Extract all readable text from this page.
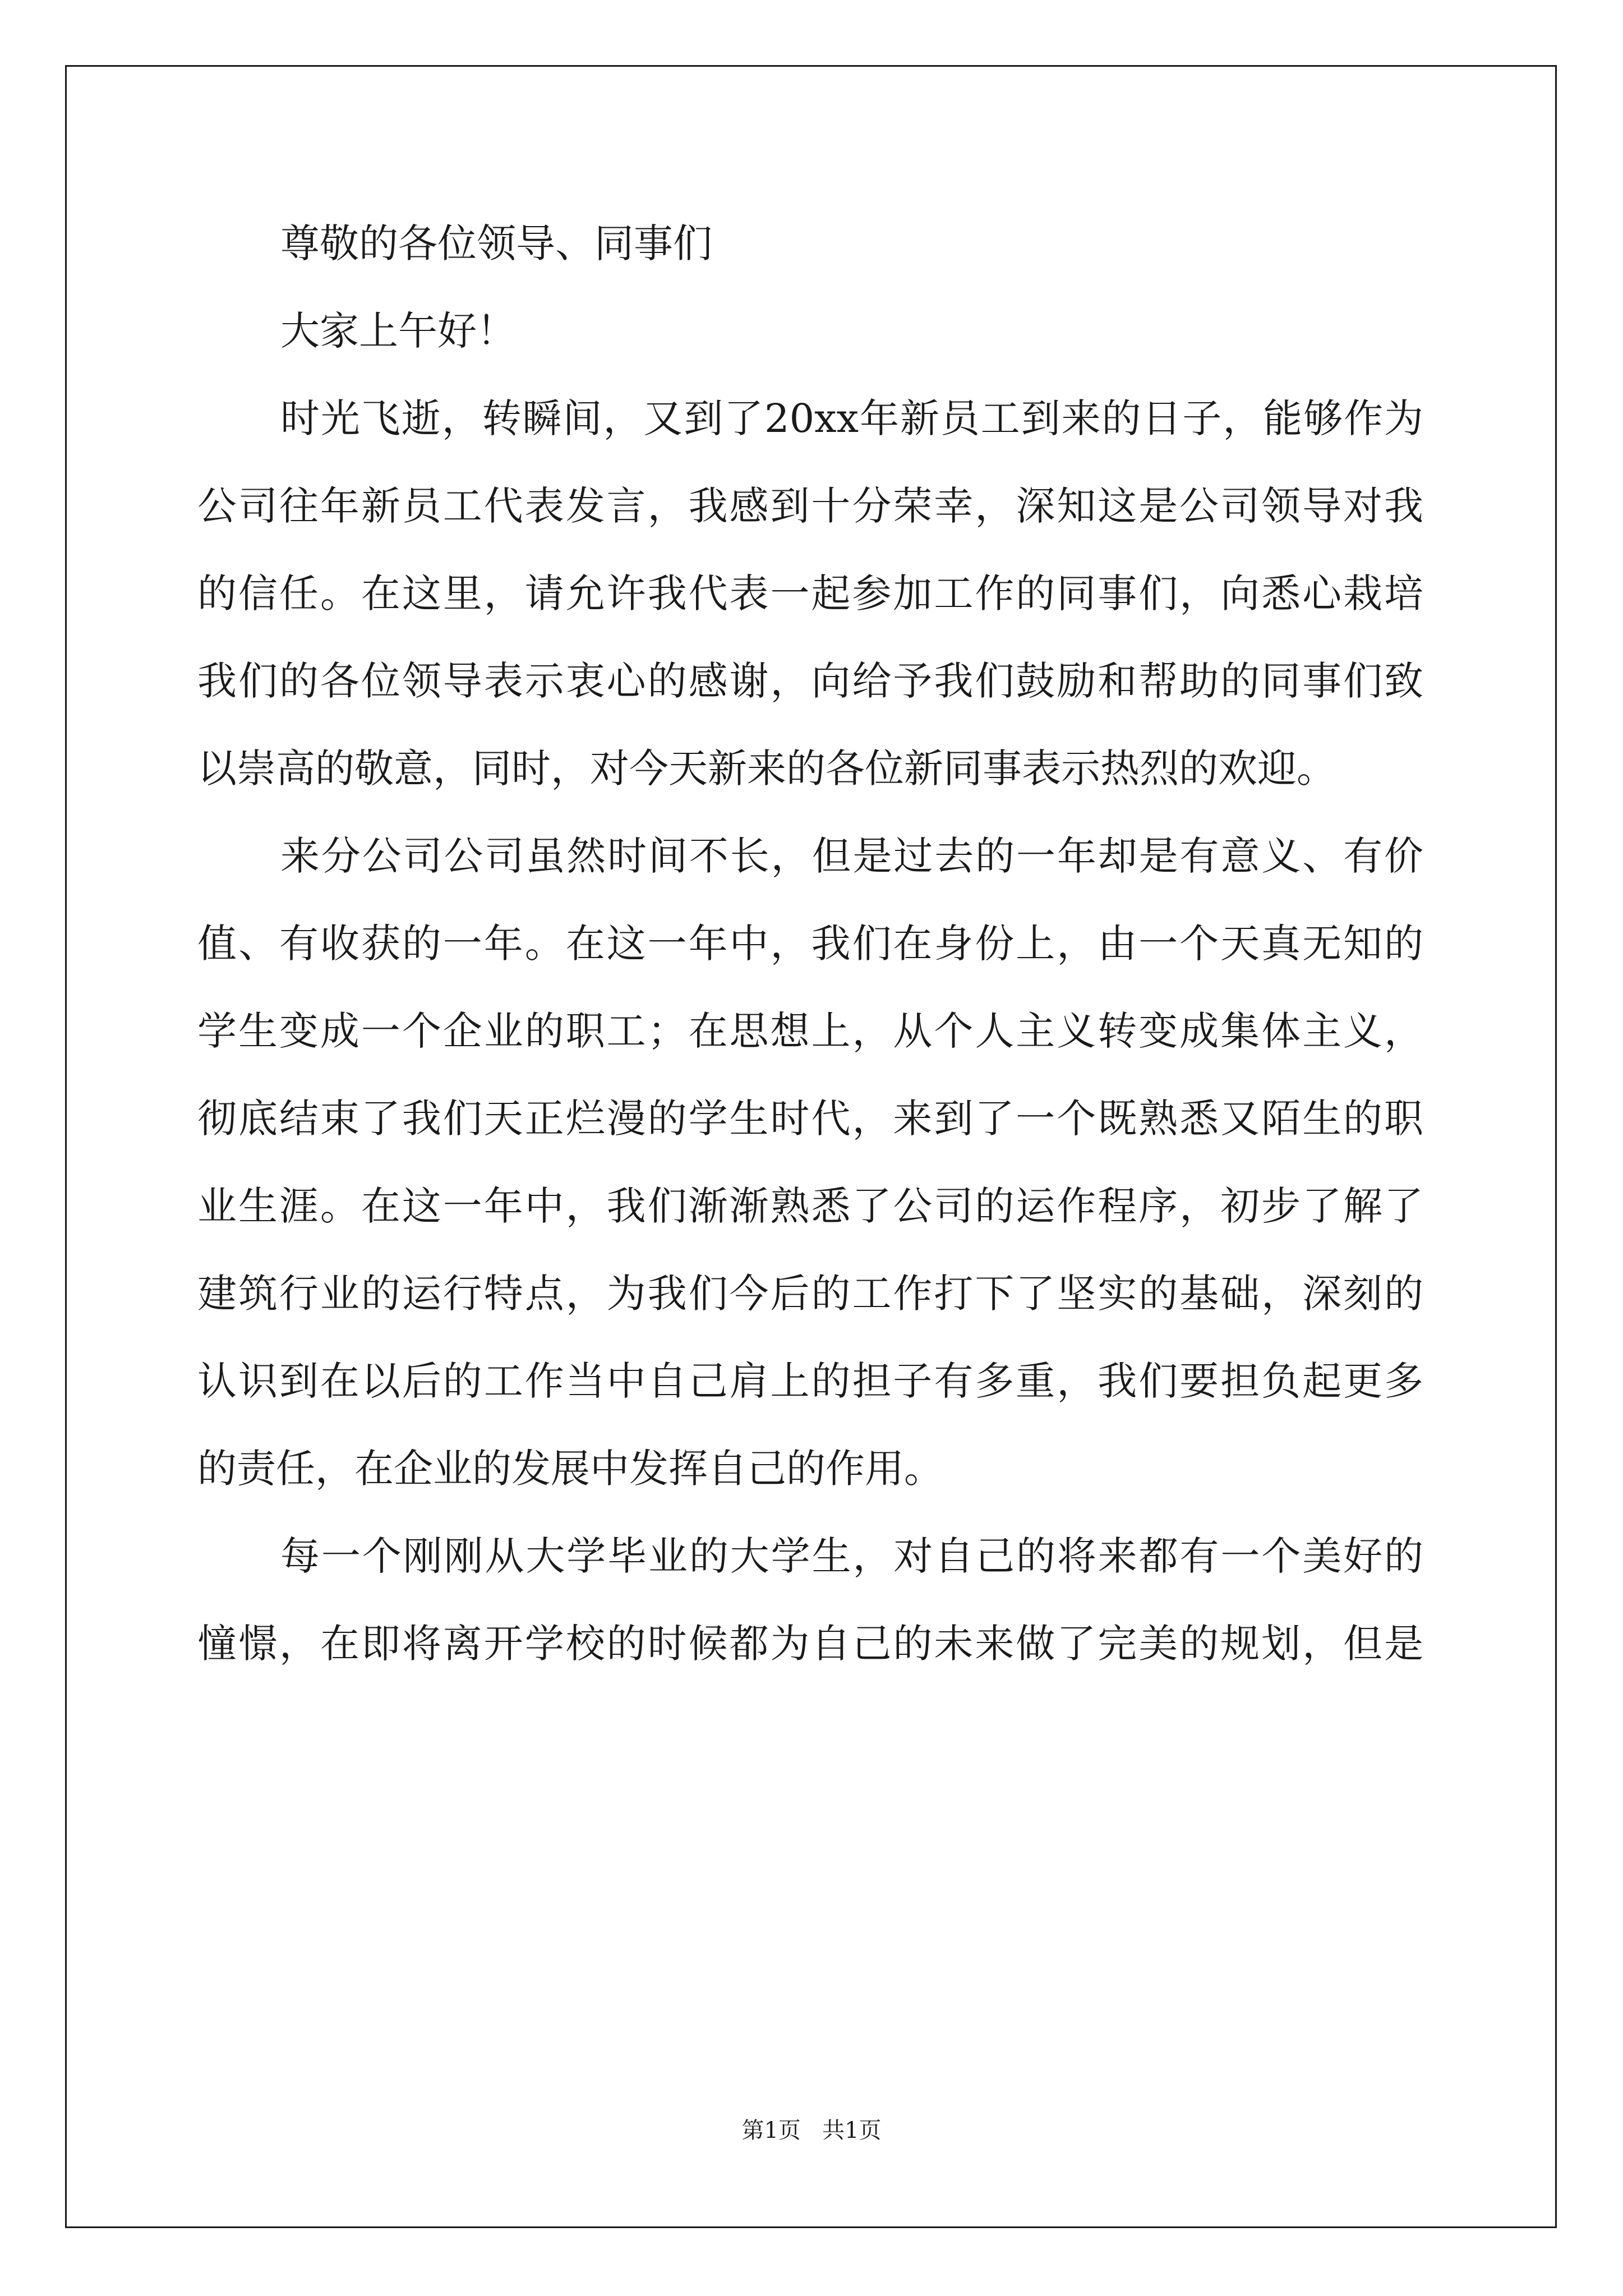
尊敬的各位领导、同事们
大家上午好！
时光飞逝，转瞬间，又到了20xx年新员工到来的日子，能够作为
公司往年新员工代表发言，我感到十分荣幸，深知这是公司领导对我
的信任。在这里，请允许我代表一起参加工作的同事们，向悉心栽培
我们的各位领导表示衷心的感谢，向给予我们鼓励和帮助的同事们致
以崇高的敬意，同时，对今天新来的各位新同事表示热烈的欢迎。
来分公司公司虽然时间不长，但是过去的一年却是有意义、有价
值、有收获的一年。在这一年中，我们在身份上，由一个天真无知的
学生变成一个企业的职工；在思想上，从个人主义转变成集体主义，
彻底结束了我们天正烂漫的学生时代，来到了一个既熟悉又陌生的职
业生涯。在这一年中，我们渐渐熟悉了公司的运作程序，初步了解了
建筑行业的运行特点，为我们今后的工作打下了坚实的基础，深刻的
认识到在以后的工作当中自己肩上的担子有多重，我们要担负起更多
的责任，在企业的发展中发挥自己的作用。
每一个刚刚从大学毕业的大学生，对自己的将来都有一个美好的
憧憬，在即将离开学校的时候都为自己的未来做了完美的规划，但是
第1页   共1页
